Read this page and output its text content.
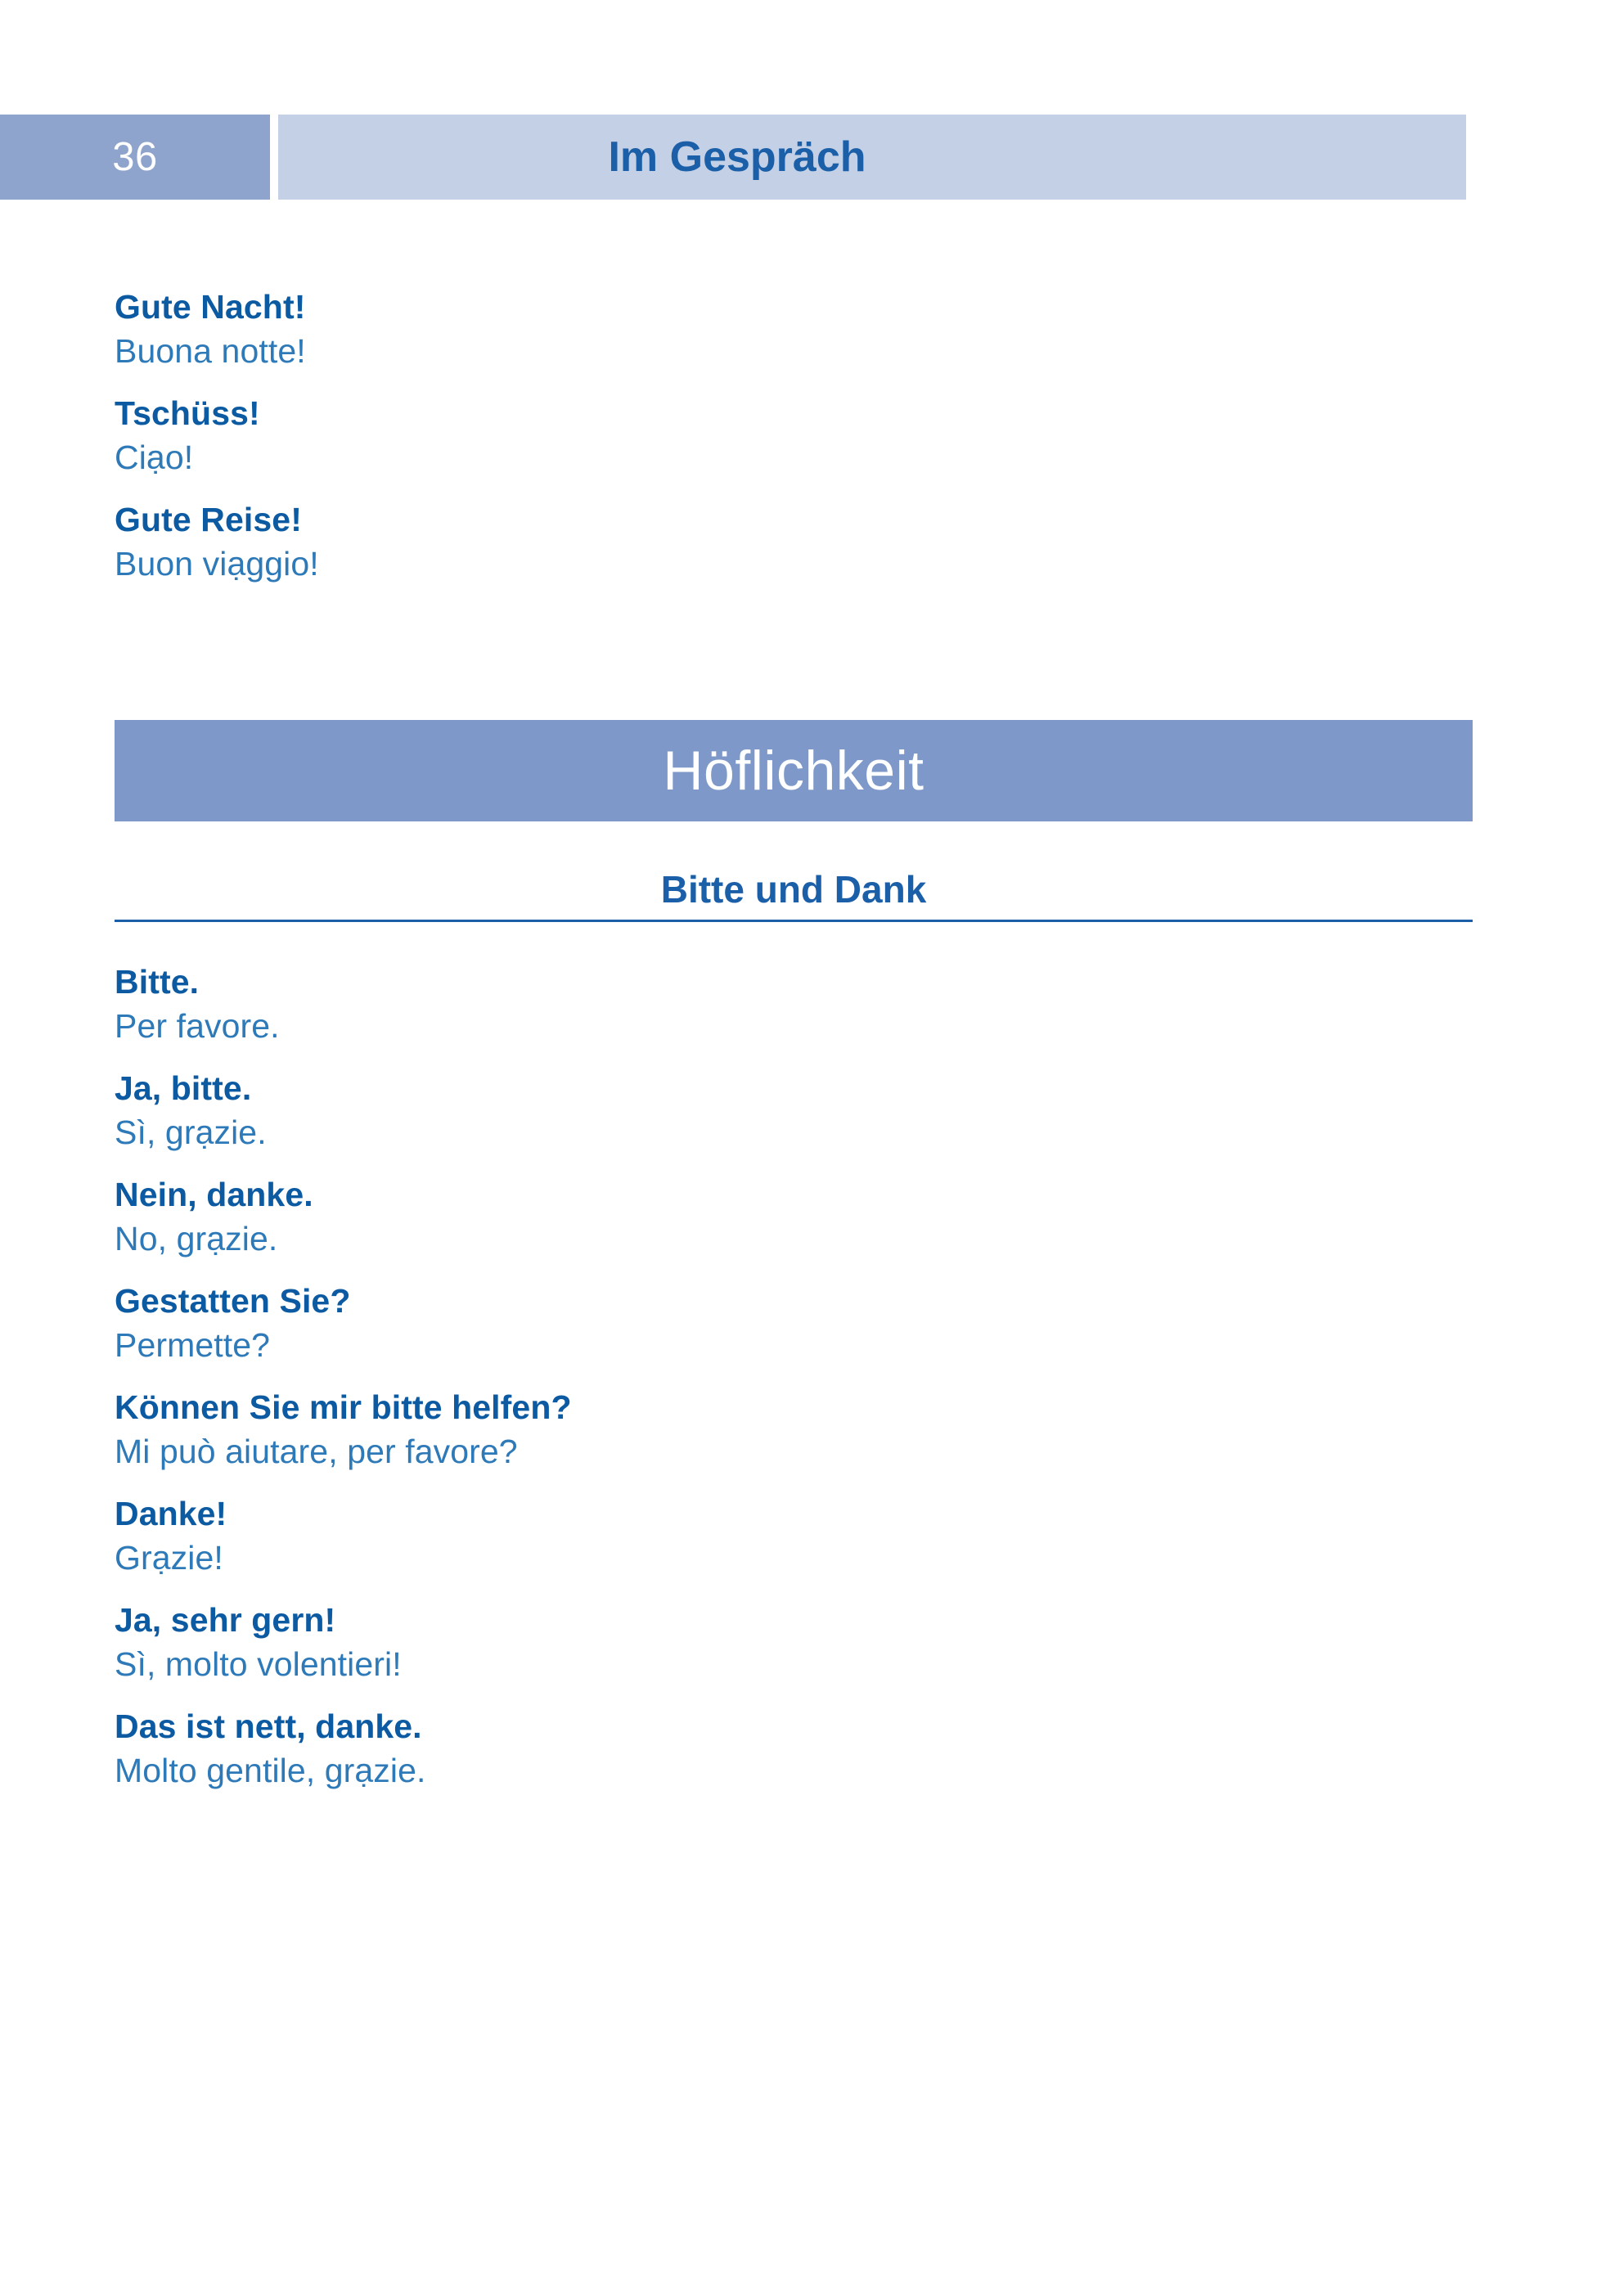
36	Im Gespräch
Gute Nacht!
Buona notte!
Tschüss!
Ciạo!
Gute Reise!
Buon viạggio!
Höflichkeit
Bitte und Dank
Bitte.
Per favore.
Ja, bitte.
Sì, grạzie.
Nein, danke.
No, grạzie.
Gestatten Sie?
Permette?
Können Sie mir bitte helfen?
Mi può aiutare, per favore?
Danke!
Grạzie!
Ja, sehr gern!
Sì, molto volentieri!
Das ist nett, danke.
Molto gentile, grạzie.
